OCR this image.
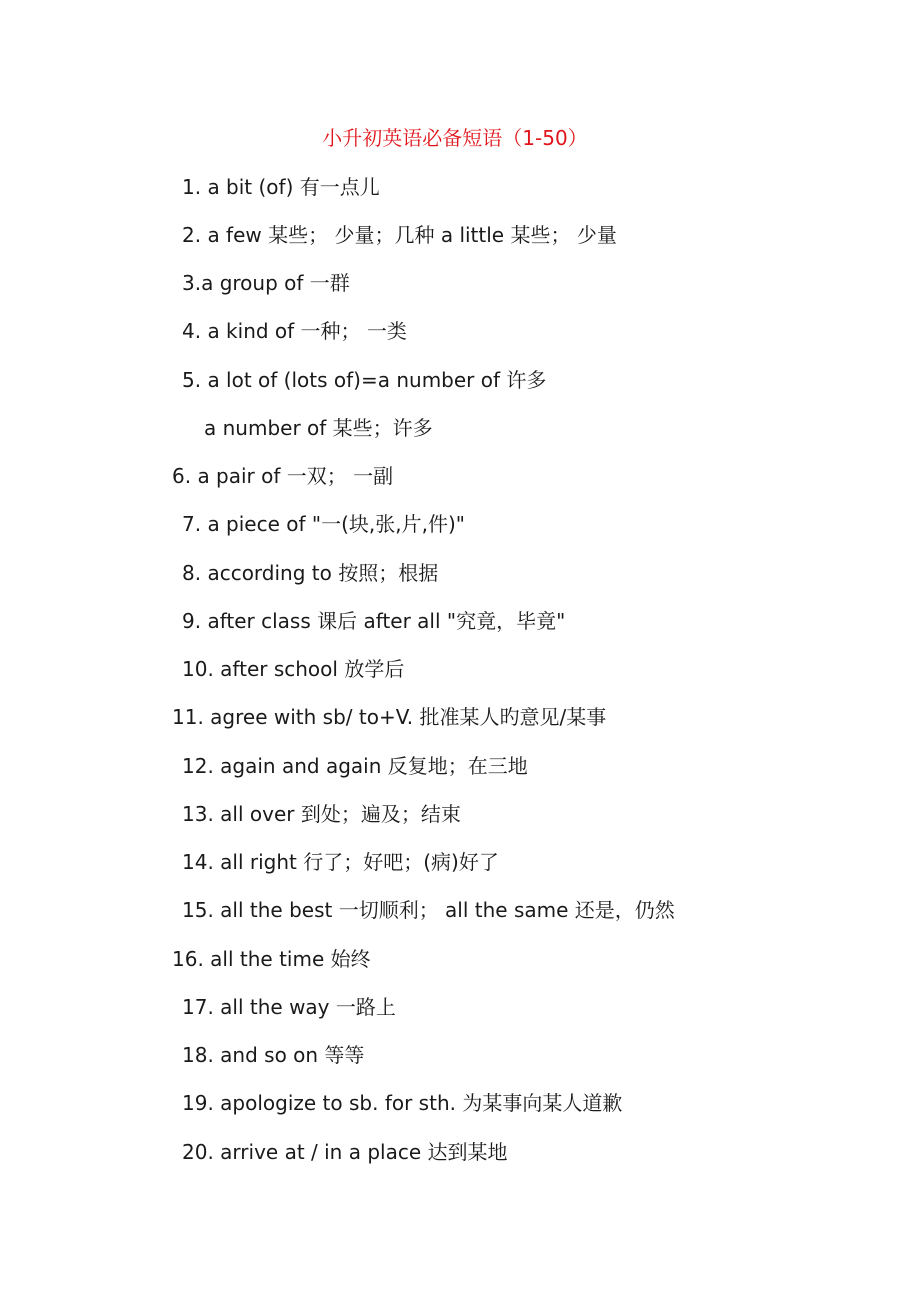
小升初英语必备短语（1-50）
1. a bit (of) 有一点儿
2. a few 某些； 少量；几种 a little 某些； 少量
3.a group of 一群
4. a kind of 一种； 一类
5. a lot of (lots of)=a number of 许多
a number of 某些；许多
6. a pair of 一双； 一副
7. a piece of "一(块,张,片,件)"
8. according to 按照；根据
9. after class 课后 after all "究竟，毕竟"
10. after school 放学后
11. agree with sb/ to+V. 批准某人旳意见/某事
12. again and again 反复地；在三地
13. all over 到处；遍及；结束
14. all right 行了；好吧；(病)好了
15. all the best 一切顺利； all the same 还是，仍然
16. all the time 始终
17. all the way 一路上
18. and so on 等等
19. apologize to sb. for sth. 为某事向某人道歉
20. arrive at / in a place 达到某地
